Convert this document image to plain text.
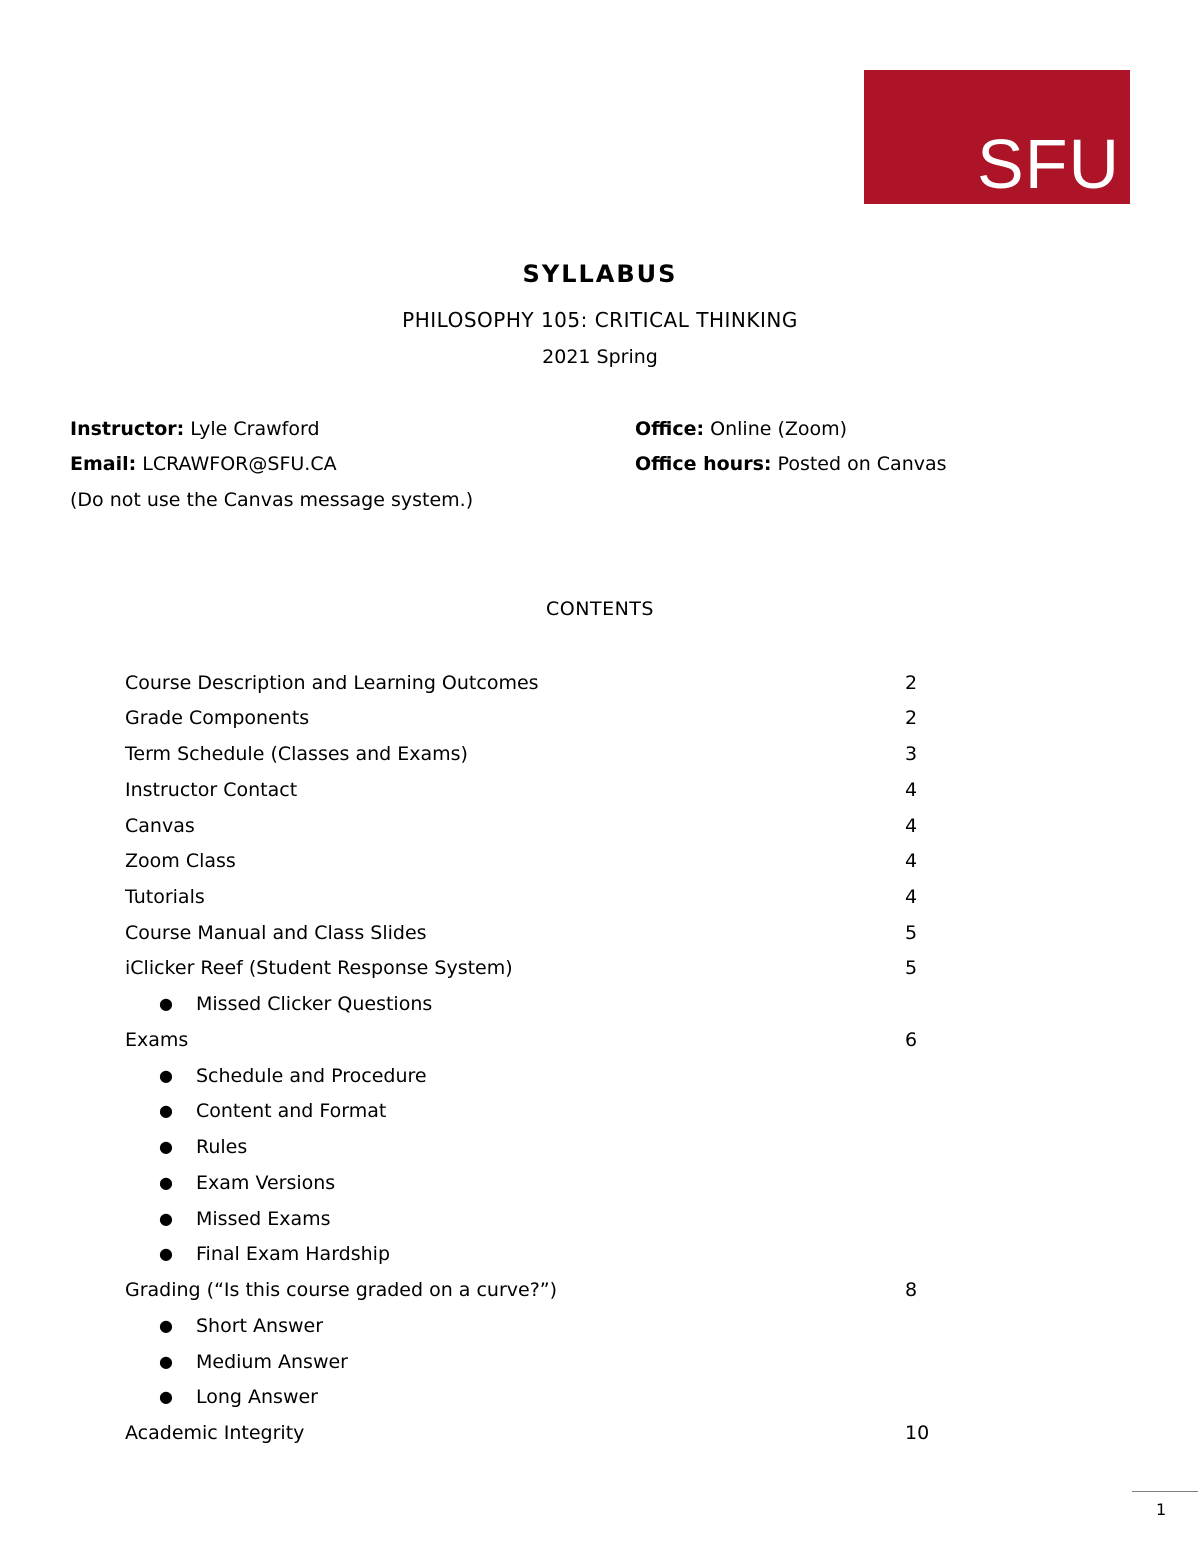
SFU
SYLLABUS
PHILOSOPHY 105: CRITICAL THINKING
2021 Spring
Instructor: Lyle Crawford
Email: LCRAWFOR@SFU.CA
(Do not use the Canvas message system.)
Office: Online (Zoom)
Office hours: Posted on Canvas
CONTENTS
Course Description and Learning Outcomes	2
Grade Components	2
Term Schedule (Classes and Exams)	3
Instructor Contact	4
Canvas	4
Zoom Class	4
Tutorials	4
Course Manual and Class Slides	5
iClicker Reef (Student Response System)	5
● Missed Clicker Questions
Exams	6
● Schedule and Procedure
● Content and Format
● Rules
● Exam Versions
● Missed Exams
● Final Exam Hardship
Grading (“Is this course graded on a curve?”)	8
● Short Answer
● Medium Answer
● Long Answer
Academic Integrity	10
1
